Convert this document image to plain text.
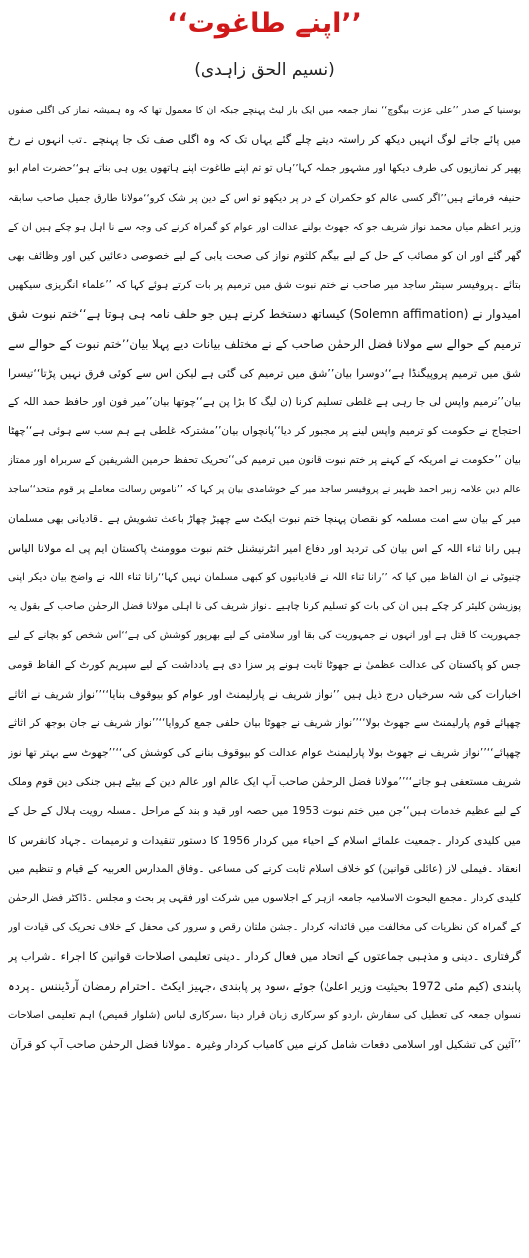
’’اپنے طاغوت‘‘
(نسیم الحق زاہدی)
بوسنیا کے صدر ’’علی عزت بیگوچ‘‘ نماز جمعہ میں ایک بار لیٹ پہنچے جبکہ ان کا معمول تھا کہ وہ ہمیشہ نماز کی اگلی صفوں
میں پائے جاتے لوگ انہیں دیکھ کر راستہ دیتے چلے گئے یہاں تک کہ وہ اگلی صف تک جا پہنچے ۔تب انہوں نے رخ
پھیر کر نمازیوں کی طرف دیکھا اور مشہور جملہ کہا’’ہاں تو تم اپنے طاغوت اپنے ہاتھوں یوں ہی بناتے ہو‘‘حضرت امام ابو
حنیفہ فرماتے ہیں’’اگر کسی عالم کو حکمران کے در پر دیکھو تو اس کے دین پر شک کرو‘‘مولانا طارق جمیل صاحب سابقہ
وزیر اعظم میاں محمد نواز شریف جو کہ جھوٹ بولنے عدالت اور عوام کو گمراہ کرنے کی وجہ سے نا اہل ہو چکے ہیں ان کے
گھر گئے اور ان کو مصائب کے حل کے لیے بیگم کلثوم نواز کی صحت یابی کے لیے خصوصی دعائیں کیں اور وظائف بھی
بتائے ۔پروفیسر سینٹر ساجد میر صاحب نے ختم نبوت شق میں ترمیم پر بات کرتے ہوئے کہا کہ ’’علماء انگریزی سیکھیں
امیدوار نے (Solemn affimation) کیساتھ دستخط کرنے ہیں جو حلف نامہ ہی ہوتا ہے‘‘ختم نبوت شق
ترمیم کے حوالے سے مولانا فضل الرحمٰن صاحب کے نے مختلف بیانات دیے پہلا بیان’’ختم نبوت کے حوالے سے
شق میں ترمیم پروپیگنڈا ہے‘‘دوسرا بیان’’شق میں ترمیم کی گئی ہے لیکن اس سے کوئی فرق نہیں پڑتا‘‘تیسرا
بیان’’ترمیم واپس لی جا رہی ہے غلطی تسلیم کرنا (ن لیگ کا بڑا پن ہے‘‘چوتھا بیان’’میر فون اور حافظ حمد اللہ کے
احتجاج نے حکومت کو ترمیم واپس لینے پر مجبور کر دیا‘‘پانچواں بیان’’مشترکہ غلطی ہے ہم سب سے ہوئی ہے‘‘چھٹا
بیان ’’حکومت نے امریکہ کے کہنے پر ختم نبوت قانون میں ترمیم کی‘‘تحریک تحفظ حرمین الشریفین کے سربراہ اور ممتاز
عالم دین علامہ زبیر احمد ظہیر نے پروفیسر ساجد میر کے خوشامدی بیان پر کہا کہ ’’ناموس رسالت معاملے پر قوم متحد‘‘ساجد
میر کے بیان سے امت مسلمہ کو نقصان پہنچا ختم نبوت ایکٹ سے چھیڑ چھاڑ باعث تشویش ہے ۔قادیانی بھی مسلمان
ہیں رانا ثناء اللہ کے اس بیان کی تردید اور دفاع امیر انٹرنیشنل ختم نبوت موومنٹ پاکستان ایم پی اے مولانا الیاس
چنیوٹی نے ان الفاظ میں کیا کہ ’’رانا ثناء اللہ نے قادیانیوں کو کبھی مسلمان نہیں کہا‘‘رانا ثناء اللہ نے واضح بیان دیکر اپنی
پوزیشن کلیئر کر چکے ہیں ان کی بات کو تسلیم کرنا چاہیے ۔نواز شریف کی نا اہلی مولانا فضل الرحمٰن صاحب کے بقول یہ
جمہوریت کا قتل ہے اور انہوں نے جمہوریت کی بقا اور سلامتی کے لیے بھرپور کوشش کی ہے‘‘اس شخص کو بچانے کے لیے
جس کو پاکستان کی عدالت عظمیٰ نے جھوٹا ثابت ہونے پر سزا دی ہے یادداشت کے لیے سپریم کورٹ کے الفاظ قومی
اخبارات کی شہ سرخیاں درج ذیل ہیں ’’نواز شریف نے پارلیمنٹ اور عوام کو بیوقوف بنایا‘‘’’نواز شریف نے اثاثے
چھپائے قوم پارلیمنٹ سے جھوٹ بولا‘‘’’نواز شریف نے جھوٹا بیان حلفی جمع کروایا‘‘’’نواز شریف نے جان بوجھ کر اثاثے
چھپائے‘‘’’نواز شریف نے جھوٹ بولا پارلیمنٹ عوام عدالت کو بیوقوف بنانے کی کوشش کی‘‘’’جھوٹ سے بہتر تھا نوز
شریف مستعفی ہو جاتے‘‘’’مولانا فضل الرحمٰن صاحب آپ ایک عالم اور عالم دین کے بیٹے ہیں جنکی دین قوم وملک
کے لیے عظیم خدمات ہیں‘‘جن میں ختم نبوت 1953 میں حصہ اور قید و بند کے مراحل ۔مسلہ رویت ہلال کے حل کے
میں کلیدی کردار ۔جمعیت علمائے اسلام کے احیاء میں کردار 1956 کا دستور تنقیدات و ترمیمات ۔جہاد کانفرس کا
انعقاد ۔فیملی لاز (عائلی قوانین) کو خلاف اسلام ثابت کرنے کی مساعی ۔وفاق المدارس العربیہ کے قیام و تنظیم میں
کلیدی کردار ۔مجمع البحوث الاسلامیہ جامعہ ازہر کے اجلاسوں میں شرکت اور فقہی پر بحث و مجلس ۔ڈاکٹر فضل الرحمٰن
کے گمراہ کن نظریات کی مخالفت میں قائدانہ کردار ۔جشن ملتان رقص و سرور کی محفل کے خلاف تحریک کی قیادت اور
گرفتاری ۔دینی و مذہبی جماعتوں کے اتحاد میں فعال کردار ۔دینی تعلیمی اصلاحات قوانین کا اجراء ۔شراب پر
پابندی (کیم مئی 1972 بحیثیت وزیر اعلیٰ) جوئے ،سود پر پابندی ،جہیز ایکٹ ۔احترام رمضان آرڈیننس ۔پردہ
نسواں جمعہ کی تعطیل کی سفارش ،اردو کو سرکاری زبان قرار دینا ،سرکاری لباس (شلوار قمیص) اہم تعلیمی اصلاحات
’’آئین کی تشکیل اور اسلامی دفعات شامل کرنے میں کامیاب کردار وغیرہ ۔مولانا فضل الرحمٰن صاحب آپ کو قرآن
